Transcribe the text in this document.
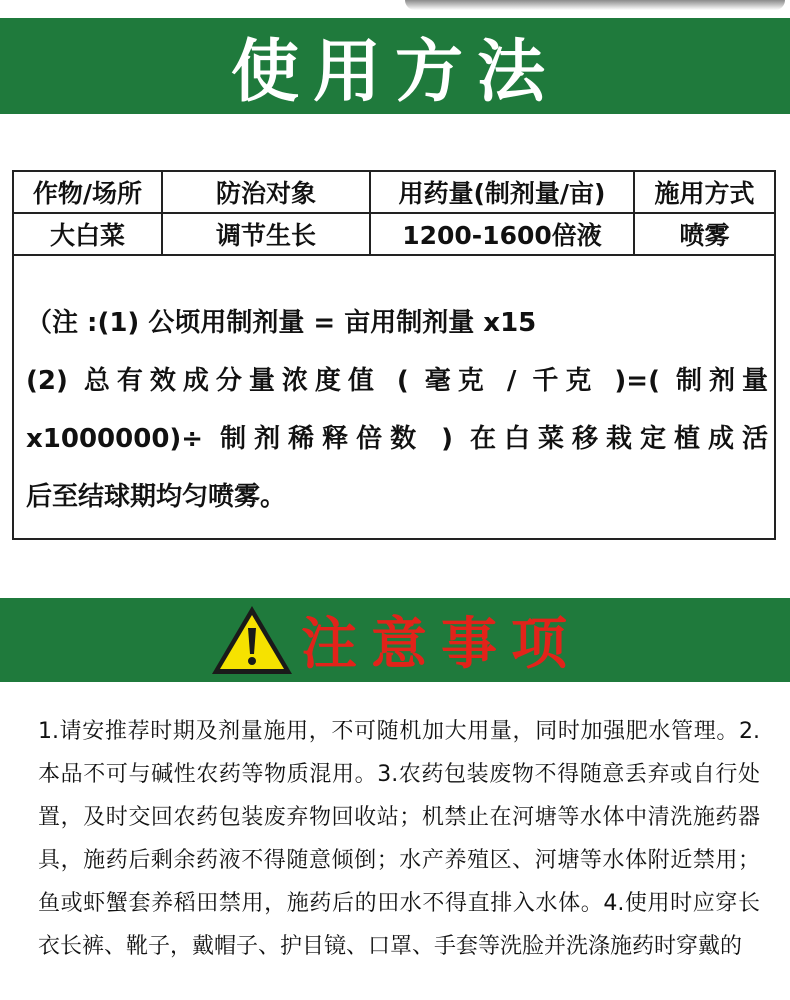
使用方法
作物/场所	防治对象	用药量(制剂量/亩)	施用方式
大白菜	调节生长	1200-1600倍液	喷雾

（注 :(1) 公顷用制剂量 = 亩用制剂量 x15

(2) 总有效成分量浓度值 ( 毫克 / 千克 )=( 制剂量

x1000000)÷ 制剂稀释倍数 ) 在白菜移栽定植成活

后至结球期均匀喷雾。

注意事项
1.请安推荐时期及剂量施用，不可随机加大用量，同时加强肥水管理。2.本品不可与碱性农药等物质混用。3.农药包装废物不得随意丢弃或自行处置，及时交回农药包装废弃物回收站；机禁止在河塘等水体中清洗施药器具，施药后剩余药液不得随意倾倒；水产养殖区、河塘等水体附近禁用；鱼或虾蟹套养稻田禁用，施药后的田水不得直排入水体。4.使用时应穿长衣长裤、靴子，戴帽子、护目镜、口罩、手套等洗脸并洗涤施药时穿戴的
